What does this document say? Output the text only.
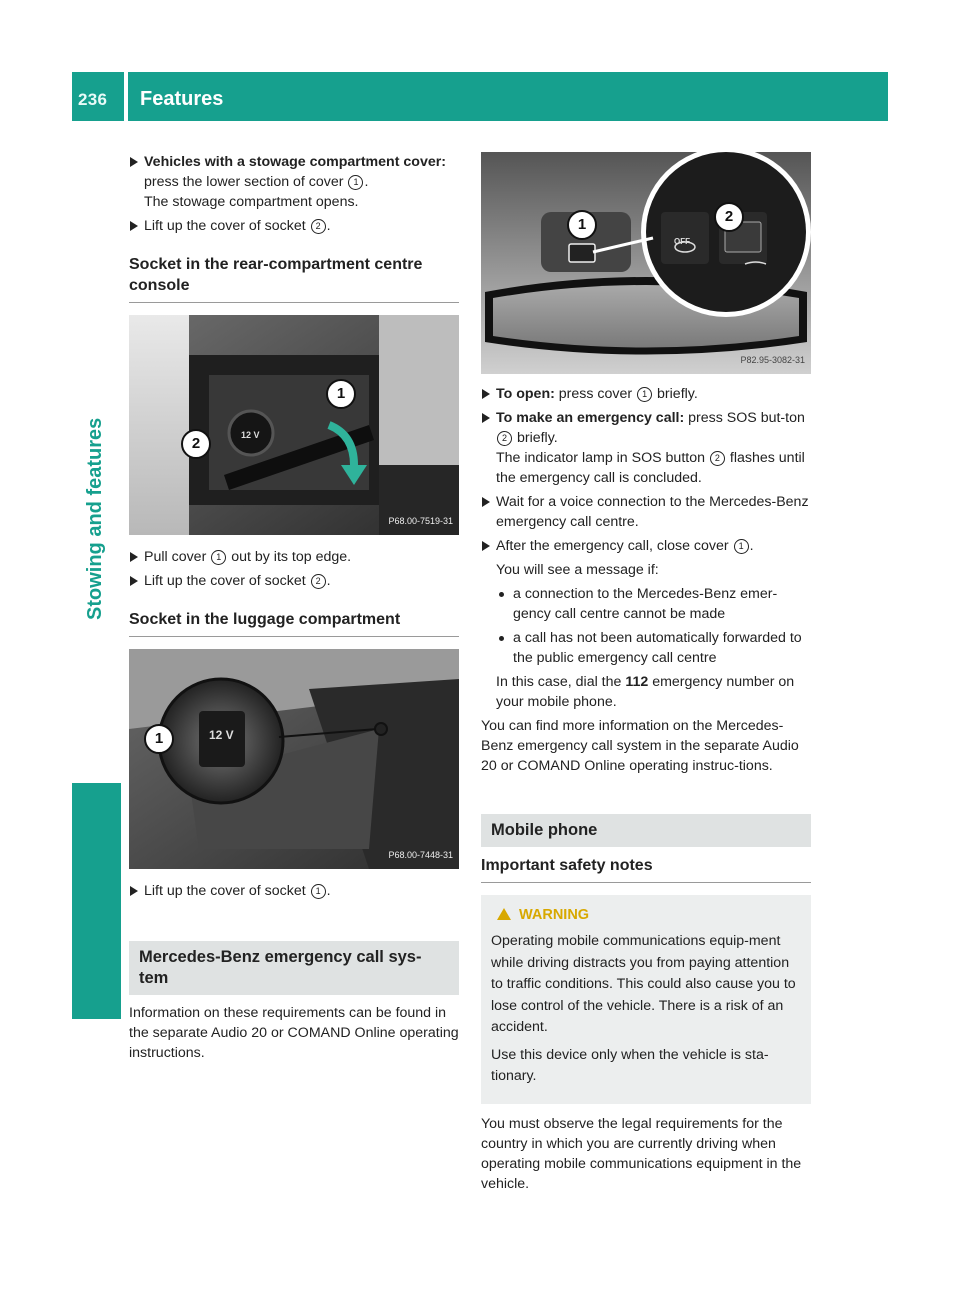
236 Features
Stowing and features
Vehicles with a stowage compartment cover: press the lower section of cover 1 .
The stowage compartment opens.
Lift up the cover of socket 2 .
Socket in the rear-compartment centre console
12 V
1
2
P68.00-7519-31
Pull cover 1 out by its top edge.
Lift up the cover of socket 2 .
Socket in the luggage compartment
12 V
1
P68.00-7448-31
Lift up the cover of socket 1 .
Mercedes-Benz emergency call sys-
tem
Information on these requirements can be found in the separate Audio 20 or COMAND Online operating instructions.
OFF
1	2
P82.95-3082-31
To open: press cover 1 briefly.
To make an emergency call: press SOS but-ton 2 briefly.
The indicator lamp in SOS button 2 flashes until the emergency call is concluded.
Wait for a voice connection to the Mercedes-Benz emergency call centre.
After the emergency call, close cover 1 .
You will see a message if:
a connection to the Mercedes-Benz emer-gency call centre cannot be made
a call has not been automatically forwarded to the public emergency call centre
In this case, dial the 112 emergency number on your mobile phone.
You can find more information on the Mercedes-Benz emergency call system in the separate Audio 20 or COMAND Online operating instruc-tions.
Mobile phone
Important safety notes
WARNING
Operating mobile communications equip-ment while driving distracts you from paying attention to traffic conditions. This could also cause you to lose control of the vehicle. There is a risk of an accident.
Use this device only when the vehicle is sta-tionary.
You must observe the legal requirements for the country in which you are currently driving when operating mobile communications equipment in the vehicle.
